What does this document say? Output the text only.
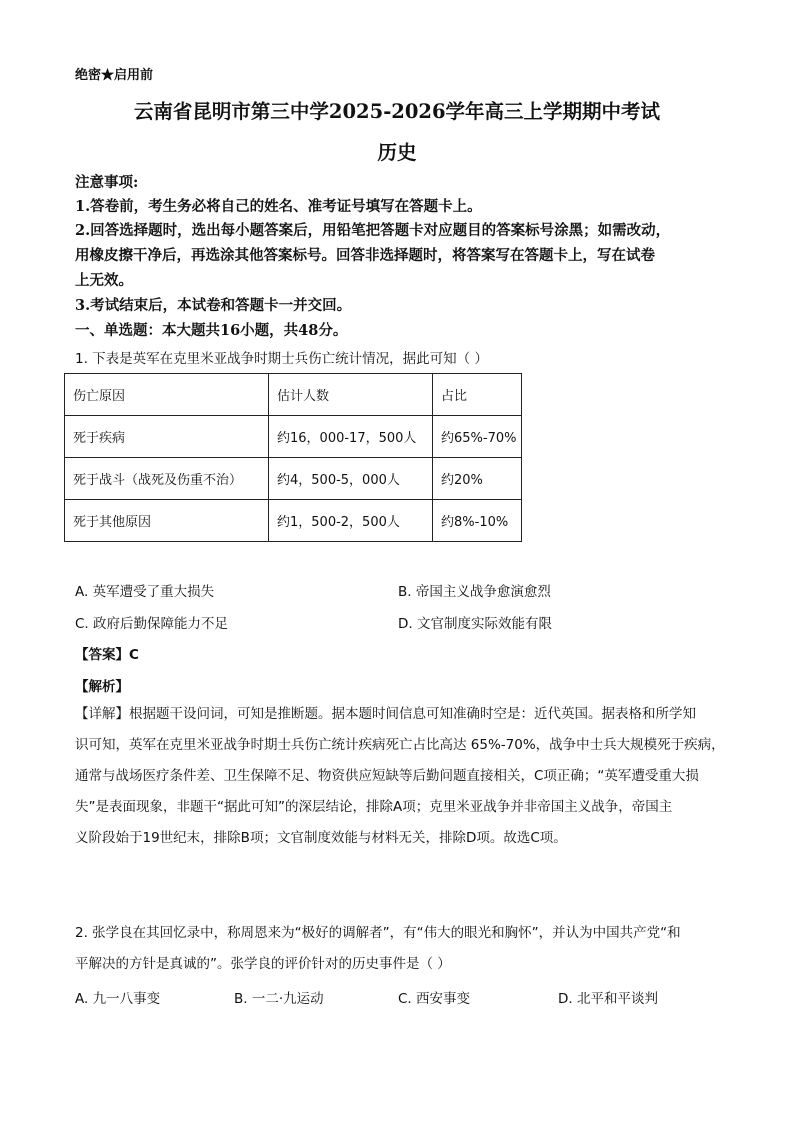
绝密★启用前
云南省昆明市第三中学2025-2026学年高三上学期期中考试
历史
注意事项:
1.答卷前，考生务必将自己的姓名、准考证号填写在答题卡上。
2.回答选择题时，选出每小题答案后，用铅笔把答题卡对应题目的答案标号涂黑；如需改动，
用橡皮擦干净后，再选涂其他答案标号。回答非选择题时，将答案写在答题卡上，写在试卷
上无效。
3.考试结束后，本试卷和答题卡一并交回。
一、单选题：本大题共16小题，共48分。
1. 下表是英军在克里米亚战争时期士兵伤亡统计情况，据此可知（ ）
伤亡原因	估计人数	占比
死于疾病	约16，000-17，500人	约65%-70%
死于战斗（战死及伤重不治）	约4，500-5，000人	约20%
死于其他原因	约1，500-2，500人	约8%-10%
A. 英军遭受了重大损失	B. 帝国主义战争愈演愈烈
C. 政府后勤保障能力不足	D. 文官制度实际效能有限
【答案】C
【解析】
【详解】根据题干设问词，可知是推断题。据本题时间信息可知准确时空是：近代英国。据表格和所学知
识可知，英军在克里米亚战争时期士兵伤亡统计疾病死亡占比高达 65%-70%，战争中士兵大规模死于疾病，
通常与战场医疗条件差、卫生保障不足、物资供应短缺等后勤问题直接相关，C项正确；“英军遭受重大损
失”是表面现象，非题干“据此可知”的深层结论，排除A项；克里米亚战争并非帝国主义战争，帝国主
义阶段始于19世纪末，排除B项；文官制度效能与材料无关，排除D项。故选C项。
2. 张学良在其回忆录中，称周恩来为“极好的调解者”，有“伟大的眼光和胸怀”，并认为中国共产党“和
平解决的方针是真诚的”。张学良的评价针对的历史事件是（ ）
A. 九一八事变	B. 一二·九运动	C. 西安事变	D. 北平和平谈判
